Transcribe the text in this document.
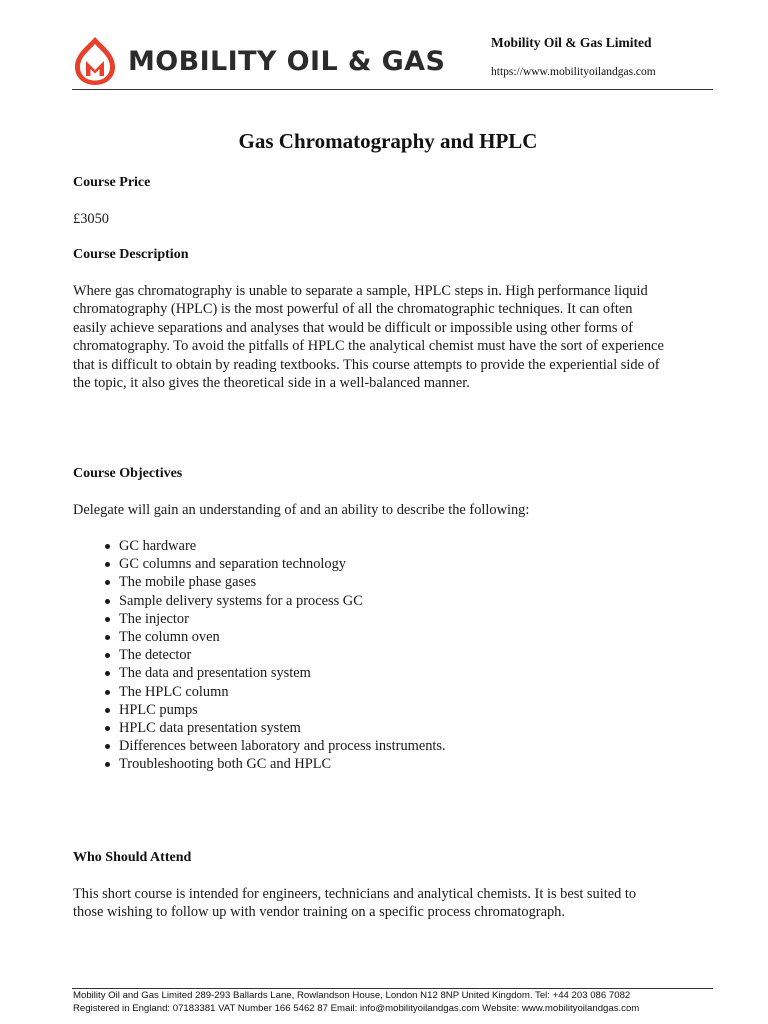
MOBILITY OIL & GAS
Mobility Oil & Gas Limited
https://www.mobilityoilandgas.com
Gas Chromatography and HPLC
Course Price
£3050
Course Description
Where gas chromatography is unable to separate a sample, HPLC steps in. High performance liquid
chromatography (HPLC) is the most powerful of all the chromatographic techniques. It can often
easily achieve separations and analyses that would be difficult or impossible using other forms of
chromatography. To avoid the pitfalls of HPLC the analytical chemist must have the sort of experience
that is difficult to obtain by reading textbooks. This course attempts to provide the experiential side of
the topic, it also gives the theoretical side in a well-balanced manner.
Course Objectives
Delegate will gain an understanding of and an ability to describe the following:
GC hardware
GC columns and separation technology
The mobile phase gases
Sample delivery systems for a process GC
The injector
The column oven
The detector
The data and presentation system
The HPLC column
HPLC pumps
HPLC data presentation system
Differences between laboratory and process instruments.
Troubleshooting both GC and HPLC
Who Should Attend
This short course is intended for engineers, technicians and analytical chemists. It is best suited to
those wishing to follow up with vendor training on a specific process chromatograph.
Mobility Oil and Gas Limited 289-293 Ballards Lane, Rowlandson House, London N12 8NP United Kingdom. Tel: +44 203 086 7082
Registered in England: 07183381 VAT Number 166 5462 87 Email: info@mobilityoilandgas.com Website: www.mobilityoilandgas.com
